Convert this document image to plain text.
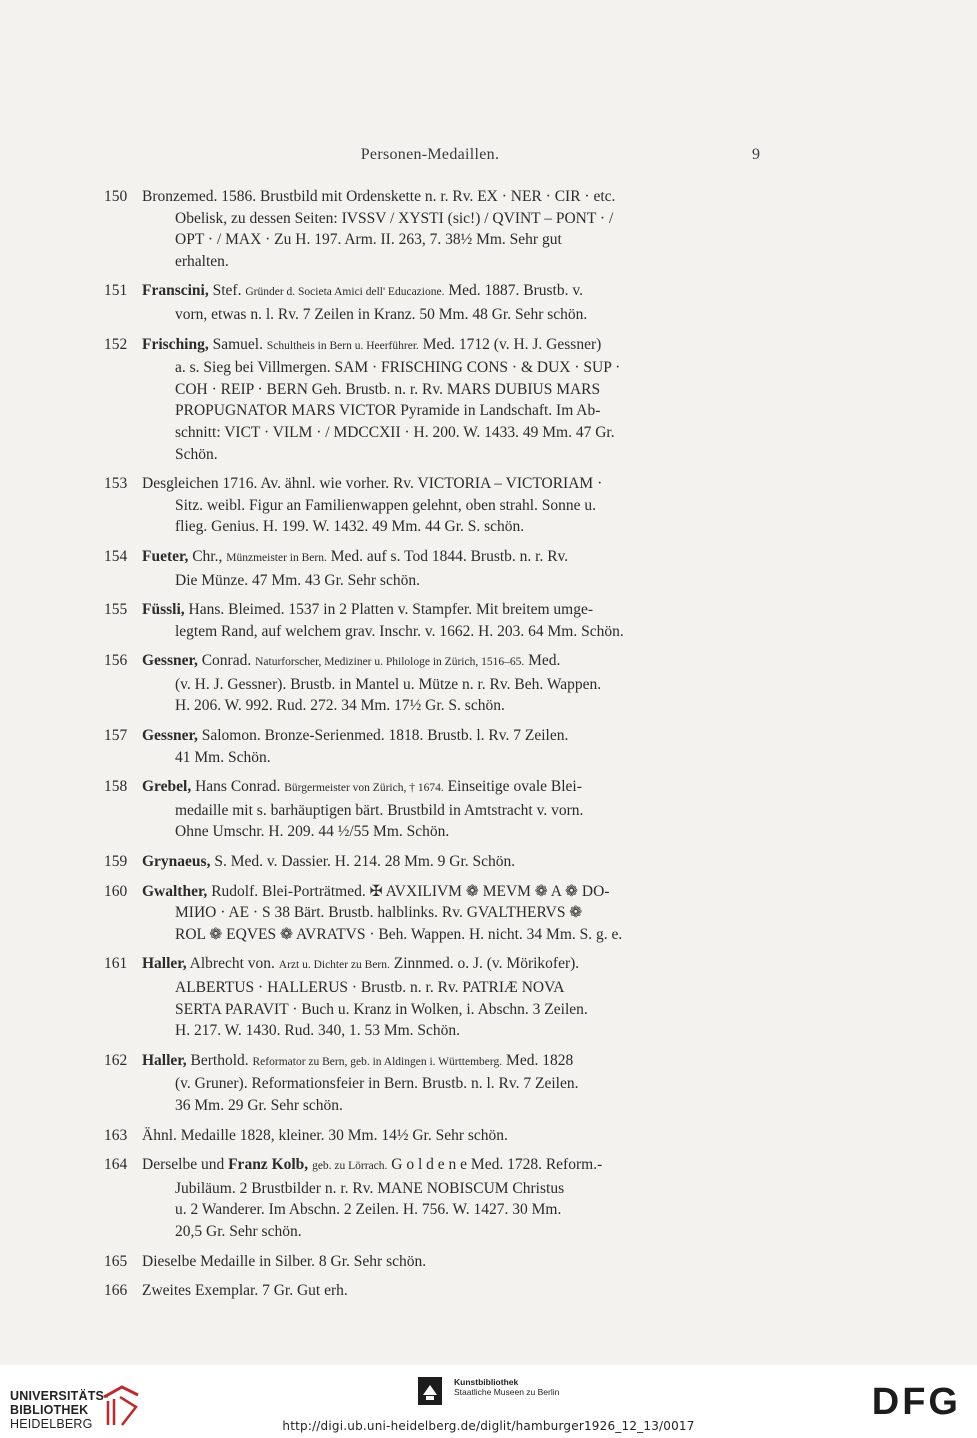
Personen-Medaillen.	9
150 Bronzemed. 1586. Brustbild mit Ordenskette n. r. Rv. EX · NER · CIR · etc.
Obelisk, zu dessen Seiten: IVSSV / XYSTI (sic!) / QVINT – PONT · /
OPT · / MAX · Zu H. 197. Arm. II. 263, 7. 38½ Mm. Sehr gut
erhalten.
151 Franscini, Stef. Gründer d. Societa Amici dell' Educazione. Med. 1887. Brustb. v.
vorn, etwas n. l. Rv. 7 Zeilen in Kranz. 50 Mm. 48 Gr. Sehr schön.
152 Frisching, Samuel. Schultheis in Bern u. Heerführer. Med. 1712 (v. H. J. Gessner)
a. s. Sieg bei Villmergen. SAM · FRISCHING CONS · & DUX · SUP ·
COH · REIP · BERN Geh. Brustb. n. r. Rv. MARS DUBIUS MARS
PROPUGNATOR MARS VICTOR Pyramide in Landschaft. Im Ab-
schnitt: VICT · VILM · / MDCCXII · H. 200. W. 1433. 49 Mm. 47 Gr.
Schön.
153 Desgleichen 1716. Av. ähnl. wie vorher. Rv. VICTORIA – VICTORIAM ·
Sitz. weibl. Figur an Familienwappen gelehnt, oben strahl. Sonne u.
flieg. Genius. H. 199. W. 1432. 49 Mm. 44 Gr. S. schön.
154 Fueter, Chr., Münzmeister in Bern. Med. auf s. Tod 1844. Brustb. n. r. Rv.
Die Münze. 47 Mm. 43 Gr. Sehr schön.
155 Füssli, Hans. Bleimed. 1537 in 2 Platten v. Stampfer. Mit breitem umge-
legtem Rand, auf welchem grav. Inschr. v. 1662. H. 203. 64 Mm. Schön.
156 Gessner, Conrad. Naturforscher, Mediziner u. Philologe in Zürich, 1516–65. Med.
(v. H. J. Gessner). Brustb. in Mantel u. Mütze n. r. Rv. Beh. Wappen.
H. 206. W. 992. Rud. 272. 34 Mm. 17½ Gr. S. schön.
157 Gessner, Salomon. Bronze-Serienmed. 1818. Brustb. l. Rv. 7 Zeilen.
41 Mm. Schön.
158 Grebel, Hans Conrad. Bürgermeister von Zürich, † 1674. Einseitige ovale Blei-
medaille mit s. barhäuptigen bärt. Brustbild in Amtstracht v. vorn.
Ohne Umschr. H. 209. 44 ½/55 Mm. Schön.
159 Grynaeus, S. Med. v. Dassier. H. 214. 28 Mm. 9 Gr. Schön.
160 Gwalther, Rudolf. Blei-Porträtmed. ✠ AVXILIVM ❁ MEVM ❁ A ❁ DO-
MIИO · AE · S 38 Bärt. Brustb. halblinks. Rv. GVALTHERVS ❁
ROL ❁ EQVES ❁ AVRATVS · Beh. Wappen. H. nicht. 34 Mm. S. g. e.
161 Haller, Albrecht von. Arzt u. Dichter zu Bern. Zinnmed. o. J. (v. Mörikofer).
ALBERTUS · HALLERUS · Brustb. n. r. Rv. PATRIÆ NOVA
SERTA PARAVIT · Buch u. Kranz in Wolken, i. Abschn. 3 Zeilen.
H. 217. W. 1430. Rud. 340, 1. 53 Mm. Schön.
162 Haller, Berthold. Reformator zu Bern, geb. in Aldingen i. Württemberg. Med. 1828
(v. Gruner). Reformationsfeier in Bern. Brustb. n. l. Rv. 7 Zeilen.
36 Mm. 29 Gr. Sehr schön.
163 Ähnl. Medaille 1828, kleiner. 30 Mm. 14½ Gr. Sehr schön.
164 Derselbe und Franz Kolb, geb. zu Lörrach. G o l d e n e Med. 1728. Reform.-
Jubiläum. 2 Brustbilder n. r. Rv. MANE NOBISCUM Christus
u. 2 Wanderer. Im Abschn. 2 Zeilen. H. 756. W. 1427. 30 Mm.
20,5 Gr. Sehr schön.
165 Dieselbe Medaille in Silber. 8 Gr. Sehr schön.
166 Zweites Exemplar. 7 Gr. Gut erh.
UNIVERSITÄTS-
BIBLIOTHEK
HEIDELBERG
Kunstbibliothek
Staatliche Museen zu Berlin	DFG
http://digi.ub.uni-heidelberg.de/diglit/hamburger1926_12_13/0017
